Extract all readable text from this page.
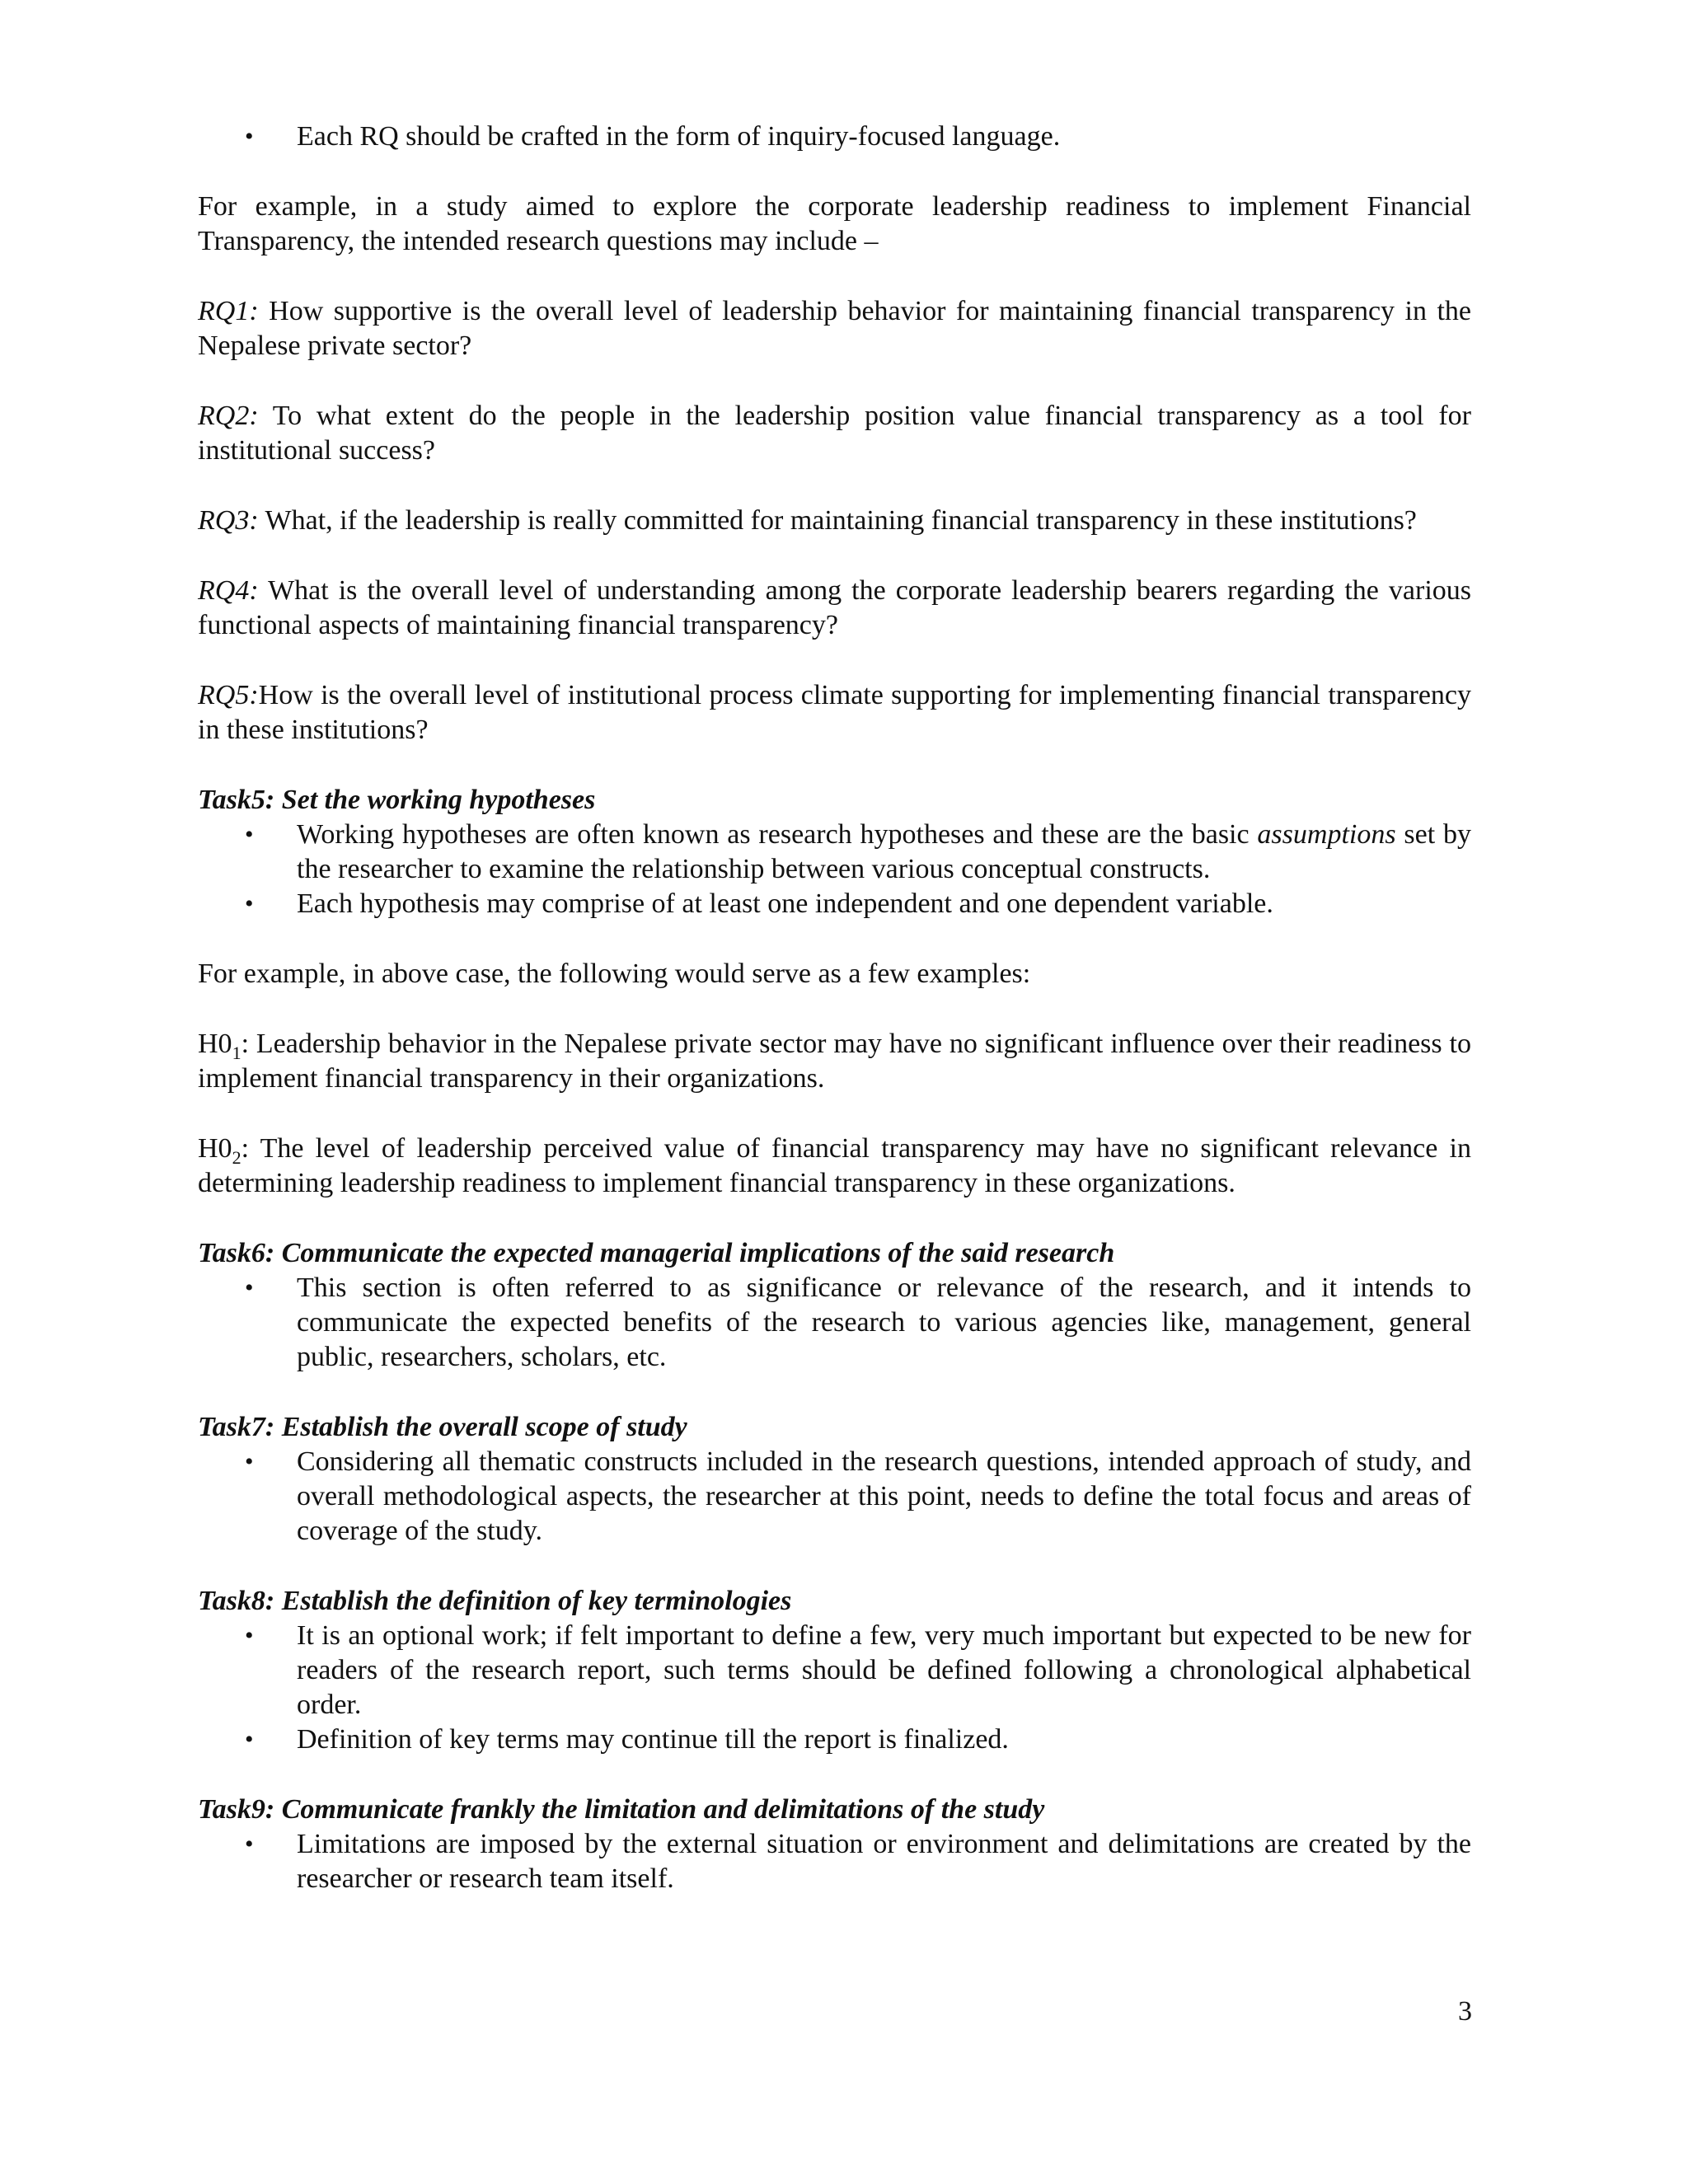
• Each RQ should be crafted in the form of inquiry-focused language.

For example, in a study aimed to explore the corporate leadership readiness to implement Financial Transparency, the intended research questions may include –

RQ1: How supportive is the overall level of leadership behavior for maintaining financial transparency in the Nepalese private sector?

RQ2: To what extent do the people in the leadership position value financial transparency as a tool for institutional success?

RQ3: What, if the leadership is really committed for maintaining financial transparency in these institutions?

RQ4: What is the overall level of understanding among the corporate leadership bearers regarding the various functional aspects of maintaining financial transparency?

RQ5:How is the overall level of institutional process climate supporting for implementing financial transparency in these institutions?

Task5: Set the working hypotheses

• Working hypotheses are often known as research hypotheses and these are the basic assumptions set by the researcher to examine the relationship between various conceptual constructs.
• Each hypothesis may comprise of at least one independent and one dependent variable.

For example, in above case, the following would serve as a few examples:

$H0_1$: Leadership behavior in the Nepalese private sector may have no significant influence over their readiness to implement financial transparency in their organizations.

$H0_2$: The level of leadership perceived value of financial transparency may have no significant relevance in determining leadership readiness to implement financial transparency in these organizations.

Task6: Communicate the expected managerial implications of the said research

• This section is often referred to as significance or relevance of the research, and it intends to communicate the expected benefits of the research to various agencies like, management, general public, researchers, scholars, etc.

Task7: Establish the overall scope of study

• Considering all thematic constructs included in the research questions, intended approach of study, and overall methodological aspects, the researcher at this point, needs to define the total focus and areas of coverage of the study.

Task8: Establish the definition of key terminologies

• It is an optional work; if felt important to define a few, very much important but expected to be new for readers of the research report, such terms should be defined following a chronological alphabetical order.
• Definition of key terms may continue till the report is finalized.

Task9: Communicate frankly the limitation and delimitations of the study

• Limitations are imposed by the external situation or environment and delimitations are created by the researcher or research team itself.
3
